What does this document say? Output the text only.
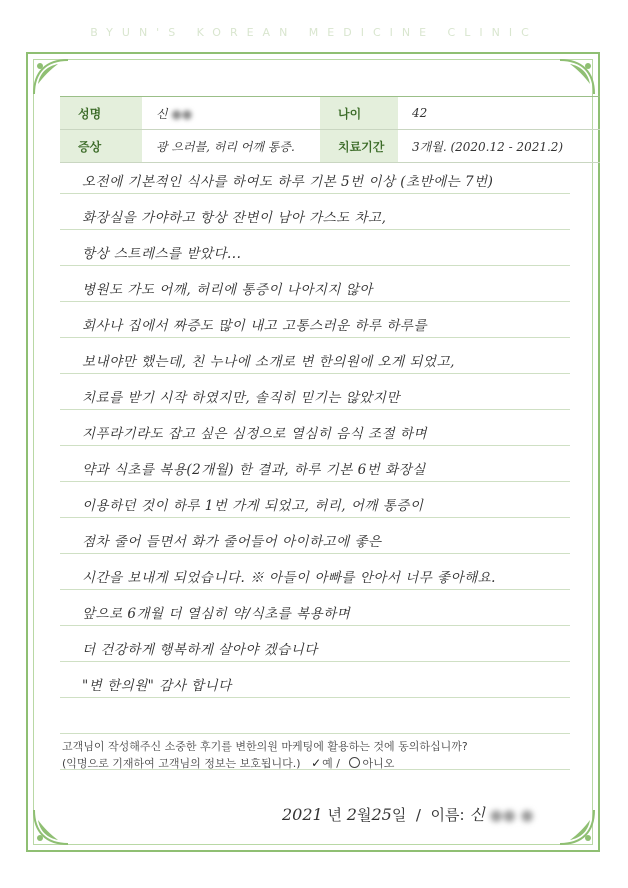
BYUN'S KOREAN MEDICINE CLINIC
성명	신 ●●	나이	42
증상	광 으러블, 허리 어깨 통증.	치료기간	3개월. (2020.12 - 2021.2)
오전에 기본적인 식사를 하여도 하루 기본 5번 이상 (초반에는 7번)
화장실을 가야하고 항상 잔변이 남아 가스도 차고,
항상 스트레스를 받았다...
병원도 가도 어깨, 허리에 통증이 나아지지 않아
회사나 집에서 짜증도 많이 내고 고통스러운 하루 하루를
보내야만 했는데, 친 누나에 소개로 변 한의원에 오게 되었고,
치료를 받기 시작 하였지만, 솔직히 믿기는 않았지만
지푸라기라도 잡고 싶은 심정으로 열심히 음식 조절 하며
약과 식초를 복용(2개월) 한 결과, 하루 기본 6번 화장실
이용하던 것이 하루 1번 가게 되었고, 허리, 어깨 통증이
점차 줄어 들면서 화가 줄어들어 아이하고에 좋은
시간을 보내게 되었습니다. ※ 아들이 아빠를 안아서 너무 좋아해요.
앞으로 6개월 더 열심히 약/식초를 복용하며
더 건강하게 행복하게 살아야 겠습니다
"변 한의원" 감사 합니다
고객님이 작성해주신 소중한 후기를 변한의원 마케팅에 활용하는 것에 동의하십니까?
(익명으로 기재하여 고객님의 정보는 보호됩니다.) ✓예 / 아니오
2021 년 2월25일 / 이름: 신 ●● ●
